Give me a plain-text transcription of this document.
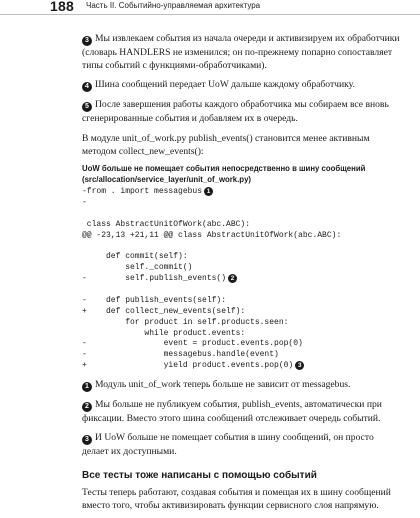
188 Часть II. Событийно-управляемая архитектура

3 Мы извлекаем события из начала очереди и активизируем их обработчики (словарь HANDLERS не изменился; он по-прежнему попарно сопоставляет типы событий с функциями-обработчиками).

4 Шина сообщений передает UoW дальше каждому обработчику.

5 После завершения работы каждого обработчика мы собираем все вновь сгенерированные события и добавляем их в очередь.

В модуле unit_of_work.py publish_events() становится менее активным методом collect_new_events():

UoW больше не помещает события непосредственно в шину сообщений (src/allocation/service_layer/unit_of_work.py)
-from . import messagebus 1
-
class AbstractUnitOfWork(abc.ABC):
@@ -23,13 +21,11 @@ class AbstractUnitOfWork(abc.ABC):
def commit(self):
self._commit()
-        self.publish_events() 2
-    def publish_events(self):
+    def collect_new_events(self):
for product in self.products.seen:
while product.events:
-                event = product.events.pop(0)
-                messagebus.handle(event)
+                yield product.events.pop(0) 3

1 Модуль unit_of_work теперь больше не зависит от messagebus.

2 Мы больше не публикуем события, publish_events, автоматически при фиксации. Вместо этого шина сообщений отслеживает очередь событий.

3 И UoW больше не помещает события в шину сообщений, он просто делает их доступными.

Все тесты тоже написаны с помощью событий

Тесты теперь работают, создавая события и помещая их в шину сообщений вместо того, чтобы активизировать функции сервисного слоя напрямую.
